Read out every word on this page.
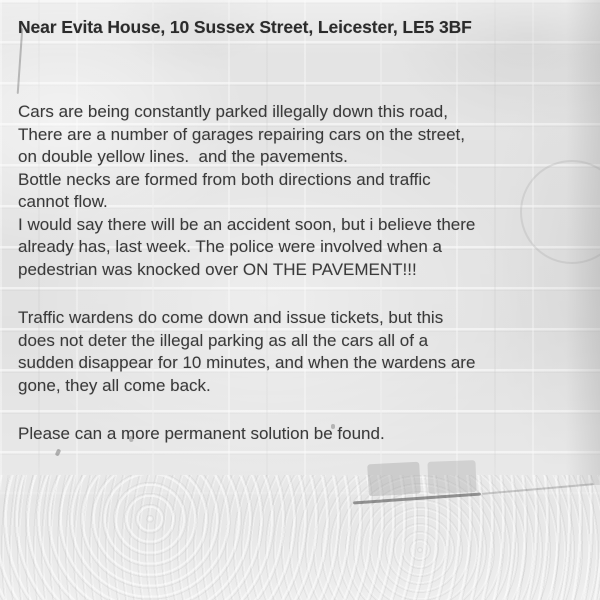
Near Evita House, 10 Sussex Street, Leicester, LE5 3BF
Cars are being constantly parked illegally down this road,
There are a number of garages repairing cars on the street,
on double yellow lines.  and the pavements.
Bottle necks are formed from both directions and traffic
cannot flow.
I would say there will be an accident soon, but i believe there
already has, last week. The police were involved when a
pedestrian was knocked over ON THE PAVEMENT!!!
Traffic wardens do come down and issue tickets, but this
does not deter the illegal parking as all the cars all of a
sudden disappear for 10 minutes, and when the wardens are
gone, they all come back.
Please can a more permanent solution be found.
